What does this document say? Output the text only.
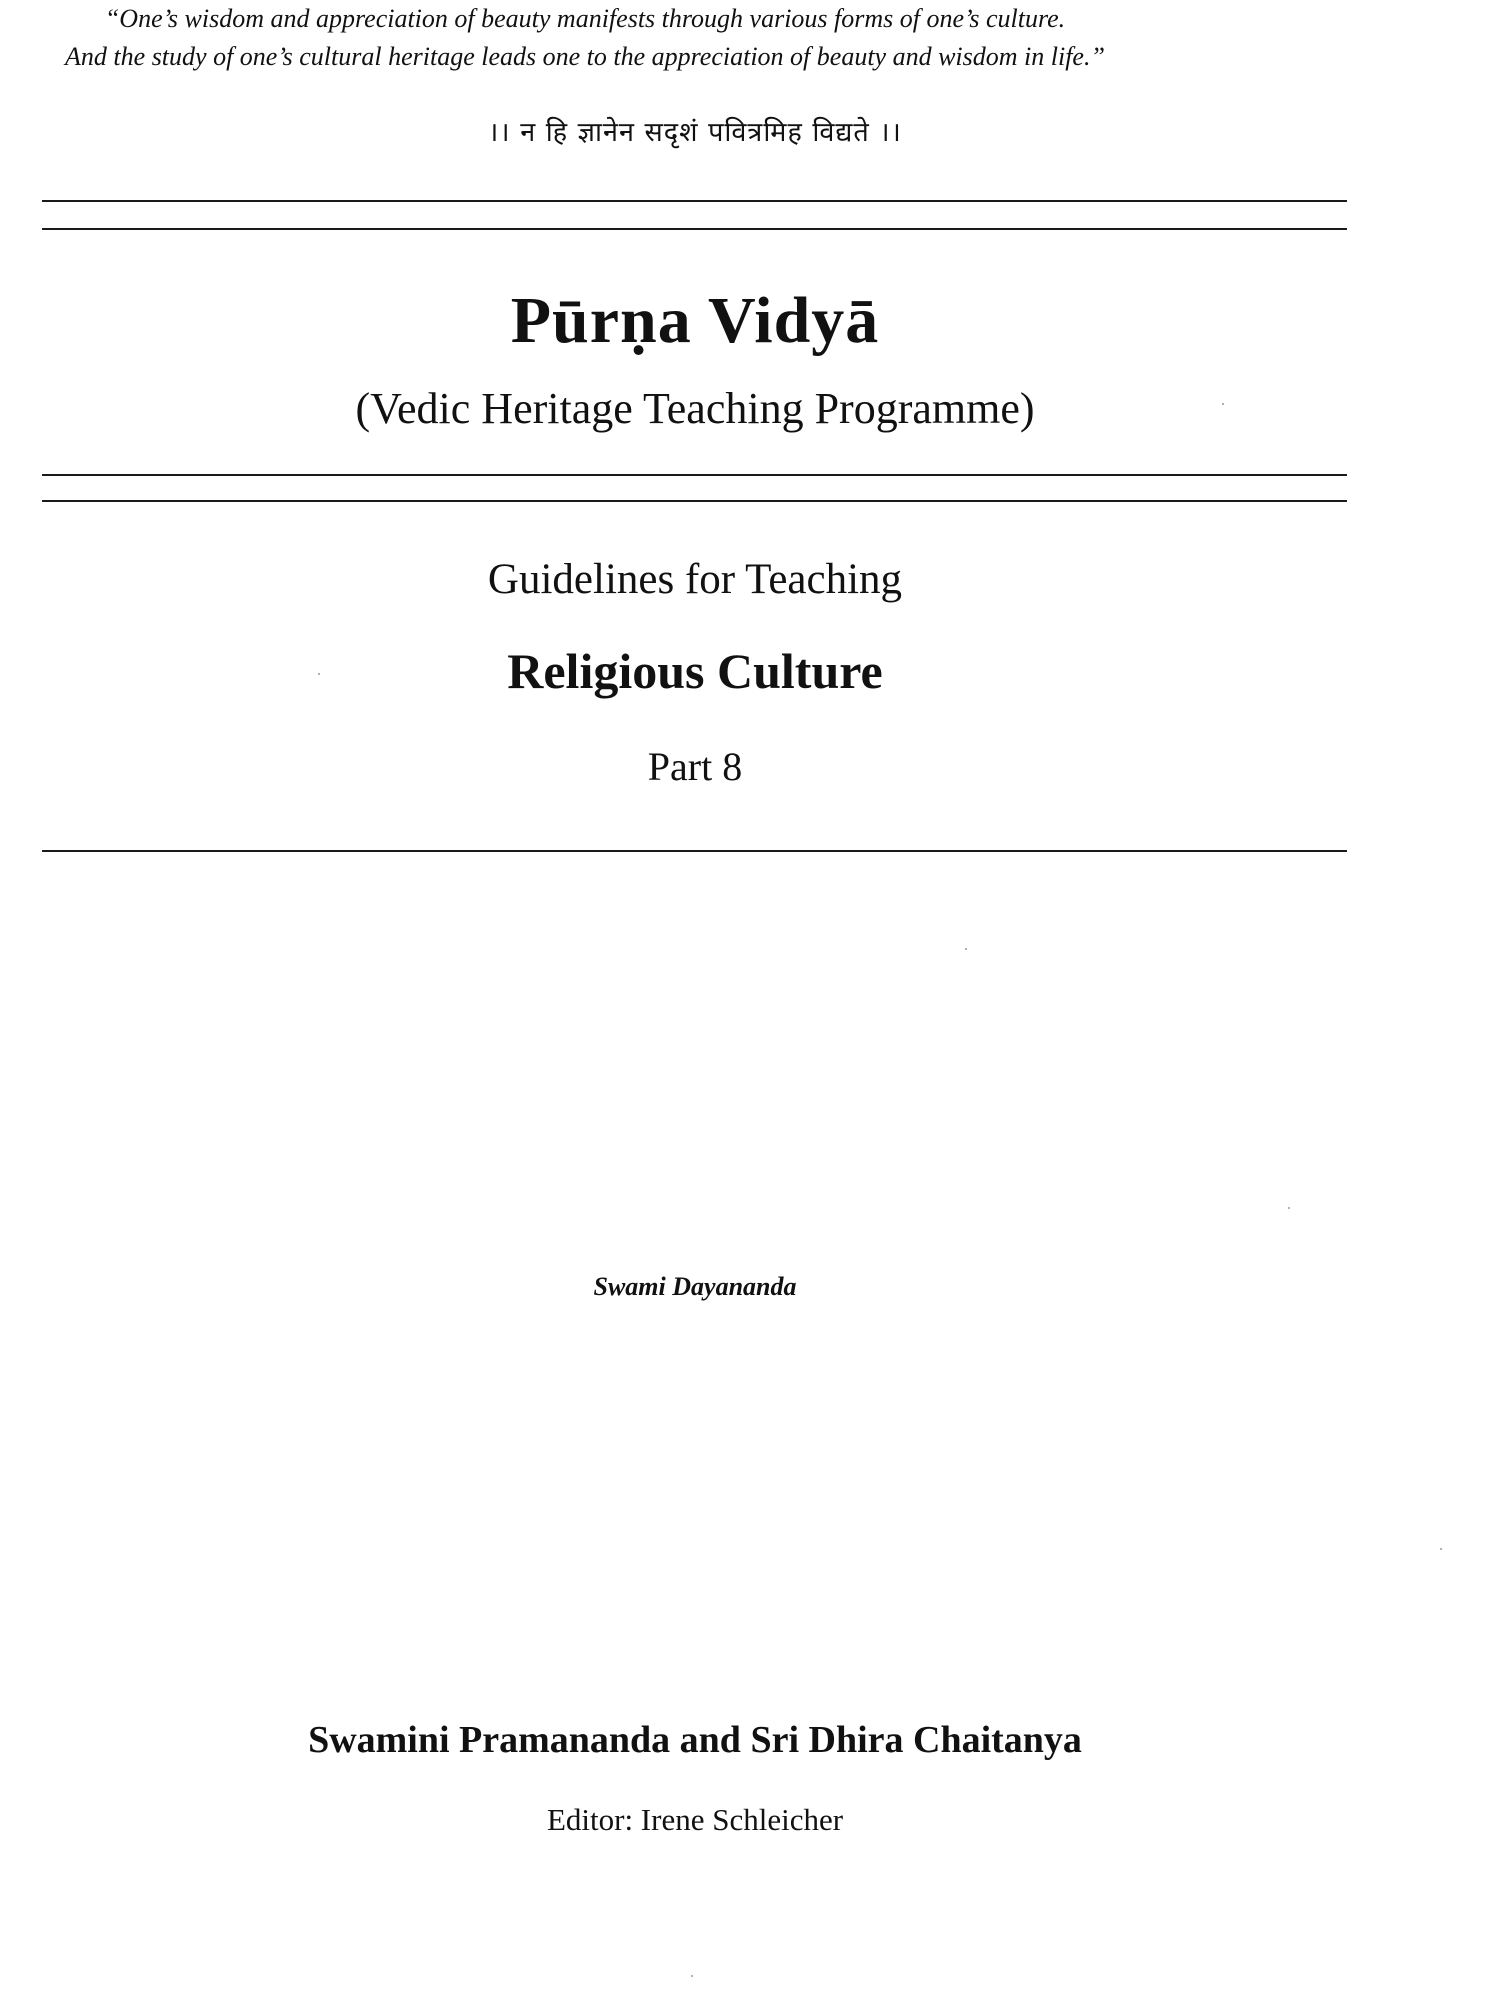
।। न हि ज्ञानेन सदृशं पवित्रमिह विद्यते ।।
Pūrṇa Vidyā
(Vedic Heritage Teaching Programme)
Guidelines for Teaching
Religious Culture
Part 8
“One’s wisdom and appreciation of beauty manifests through various forms of one’s culture.
And the study of one’s cultural heritage leads one to the appreciation of beauty and wisdom in life.”
Swami Dayananda
Swamini Pramananda and Sri Dhira Chaitanya
Editor: Irene Schleicher
